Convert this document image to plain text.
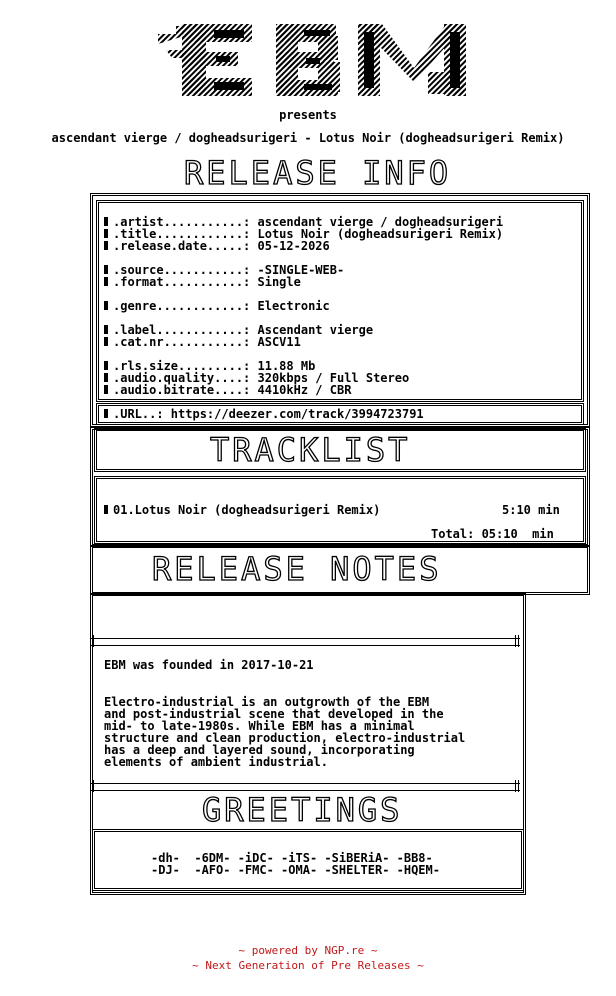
presents
ascendant vierge / dogheadsurigeri - Lotus Noir (dogheadsurigeri Remix)
RELEASE INFO
.artist...........: ascendant vierge / dogheadsurigeri
.title............: Lotus Noir (dogheadsurigeri Remix)
.release.date.....: 05-12-2026
.source...........: -SINGLE-WEB-
.format...........: Single
.genre............: Electronic
.label............: Ascendant vierge
.cat.nr...........: ASCV11
.rls.size.........: 11.88 Mb
.audio.quality....: 320kbps / Full Stereo
.audio.bitrate....: 4410kHz / CBR
.URL..: https://deezer.com/track/3994723791
TRACKLIST
01.Lotus Noir (dogheadsurigeri Remix)	5:10 min
Total: 05:10  min
RELEASE NOTES
EBM was founded in 2017-10-21
Electro-industrial is an outgrowth of the EBM
and post-industrial scene that developed in the
mid- to late-1980s. While EBM has a minimal
structure and clean production, electro-industrial
has a deep and layered sound, incorporating
elements of ambient industrial.
GREETINGS
-dh-  -6DM- -iDC- -iTS- -SiBERiA- -BB8-
-DJ-  -AFO- -FMC- -OMA- -SHELTER- -HQEM-
~ powered by NGP.re ~
~ Next Generation of Pre Releases ~
